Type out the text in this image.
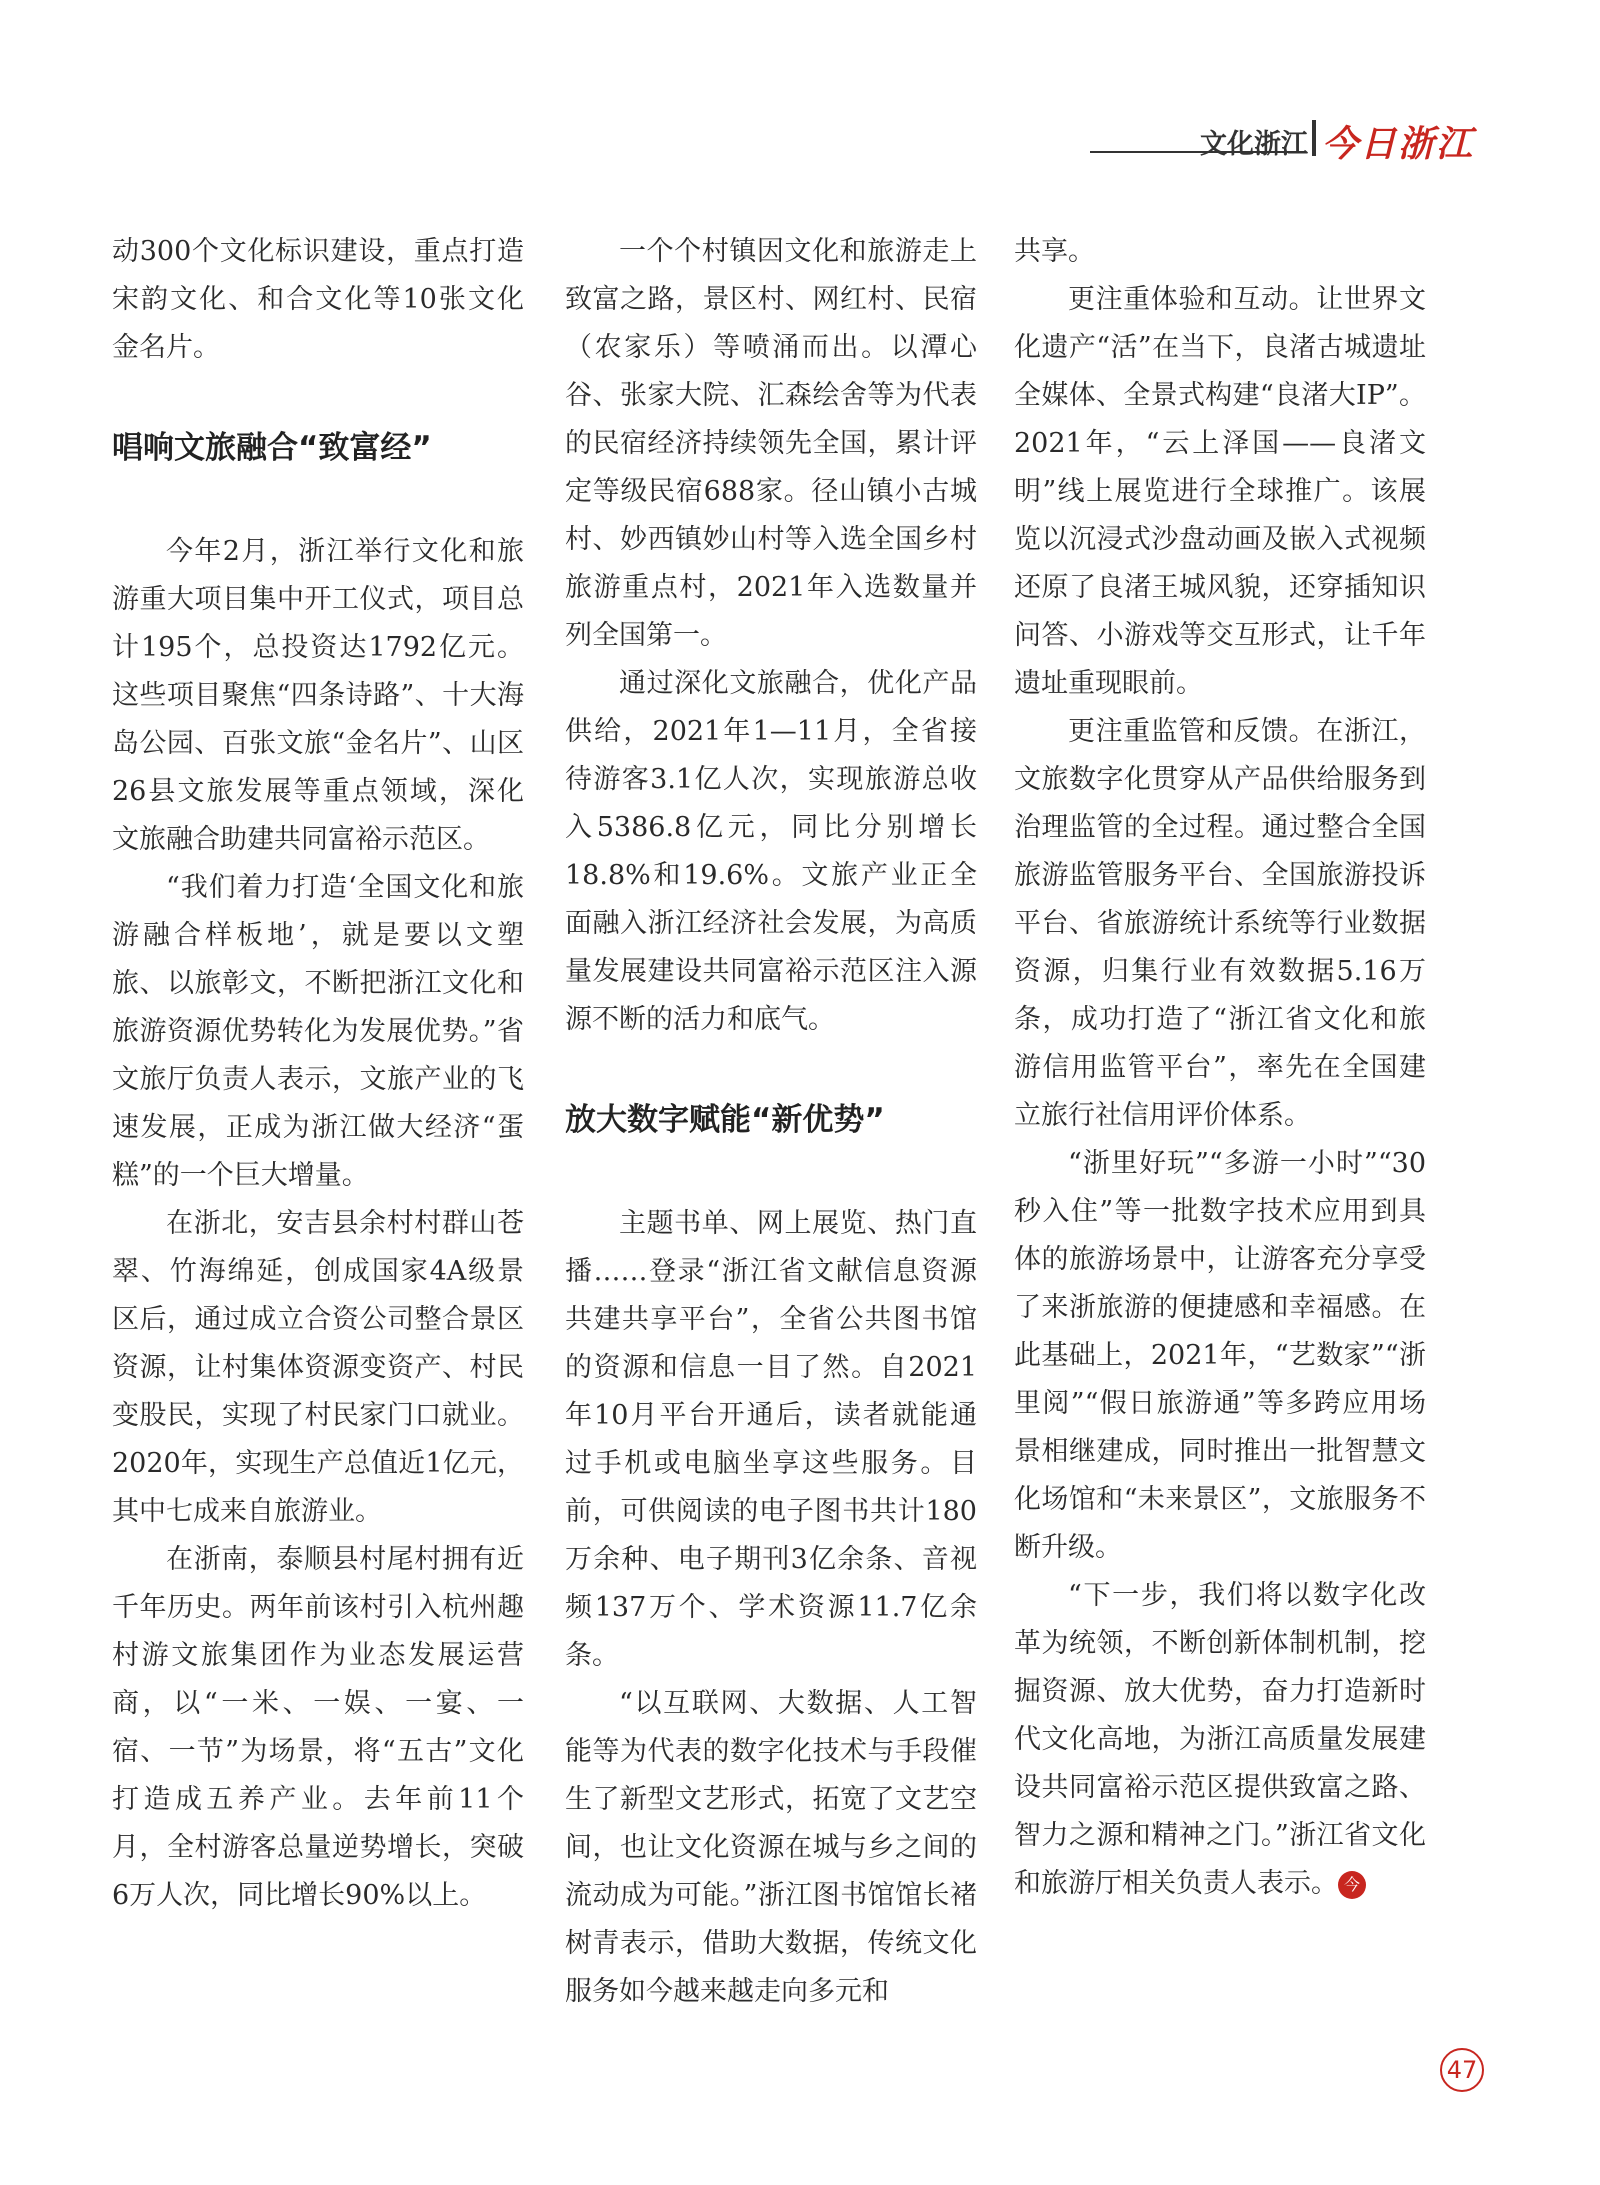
文化浙江 今日浙江

动300个文化标识建设，重点打造宋韵文化、和合文化等10张文化金名片。

唱响文旅融合“致富经”

今年2月，浙江举行文化和旅游重大项目集中开工仪式，项目总计195个，总投资达1792亿元。这些项目聚焦“四条诗路”、十大海岛公园、百张文旅“金名片”、山区26县文旅发展等重点领域，深化文旅融合助建共同富裕示范区。

“我们着力打造‘全国文化和旅游融合样板地’，就是要以文塑旅、以旅彰文，不断把浙江文化和旅游资源优势转化为发展优势。”省文旅厅负责人表示，文旅产业的飞速发展，正成为浙江做大经济“蛋糕”的一个巨大增量。

在浙北，安吉县余村村群山苍翠、竹海绵延，创成国家4A级景区后，通过成立合资公司整合景区资源，让村集体资源变资产、村民变股民，实现了村民家门口就业。2020年，实现生产总值近1亿元，其中七成来自旅游业。

在浙南，泰顺县村尾村拥有近千年历史。两年前该村引入杭州趣村游文旅集团作为业态发展运营商，以“一米、一娱、一宴、一宿、一节”为场景，将“五古”文化打造成五养产业。去年前11个月，全村游客总量逆势增长，突破6万人次，同比增长90%以上。

一个个村镇因文化和旅游走上致富之路，景区村、网红村、民宿（农家乐）等喷涌而出。以潭心谷、张家大院、汇森绘舍等为代表的民宿经济持续领先全国，累计评定等级民宿688家。径山镇小古城村、妙西镇妙山村等入选全国乡村旅游重点村，2021年入选数量并列全国第一。

通过深化文旅融合，优化产品供给，2021年1—11月，全省接待游客3.1亿人次，实现旅游总收入5386.8亿元，同比分别增长18.8%和19.6%。文旅产业正全面融入浙江经济社会发展，为高质量发展建设共同富裕示范区注入源源不断的活力和底气。

放大数字赋能“新优势”

主题书单、网上展览、热门直播……登录“浙江省文献信息资源共建共享平台”，全省公共图书馆的资源和信息一目了然。自2021年10月平台开通后，读者就能通过手机或电脑坐享这些服务。目前，可供阅读的电子图书共计180万余种、电子期刊3亿余条、音视频137万个、学术资源11.7亿余条。

“以互联网、大数据、人工智能等为代表的数字化技术与手段催生了新型文艺形式，拓宽了文艺空间，也让文化资源在城与乡之间的流动成为可能。”浙江图书馆馆长褚树青表示，借助大数据，传统文化服务如今越来越走向多元和

共享。

更注重体验和互动。让世界文化遗产“活”在当下，良渚古城遗址全媒体、全景式构建“良渚大IP”。2021年，“云上泽国——良渚文明”线上展览进行全球推广。该展览以沉浸式沙盘动画及嵌入式视频还原了良渚王城风貌，还穿插知识问答、小游戏等交互形式，让千年遗址重现眼前。

更注重监管和反馈。在浙江，文旅数字化贯穿从产品供给服务到治理监管的全过程。通过整合全国旅游监管服务平台、全国旅游投诉平台、省旅游统计系统等行业数据资源，归集行业有效数据5.16万条，成功打造了“浙江省文化和旅游信用监管平台”，率先在全国建立旅行社信用评价体系。

“浙里好玩”“多游一小时”“30秒入住”等一批数字技术应用到具体的旅游场景中，让游客充分享受了来浙旅游的便捷感和幸福感。在此基础上，2021年，“艺数家”“浙里阅”“假日旅游通”等多跨应用场景相继建成，同时推出一批智慧文化场馆和“未来景区”，文旅服务不断升级。

“下一步，我们将以数字化改革为统领，不断创新体制机制，挖掘资源、放大优势，奋力打造新时代文化高地，为浙江高质量发展建设共同富裕示范区提供致富之路、智力之源和精神之门。”浙江省文化和旅游厅相关负责人表示。 今

47
